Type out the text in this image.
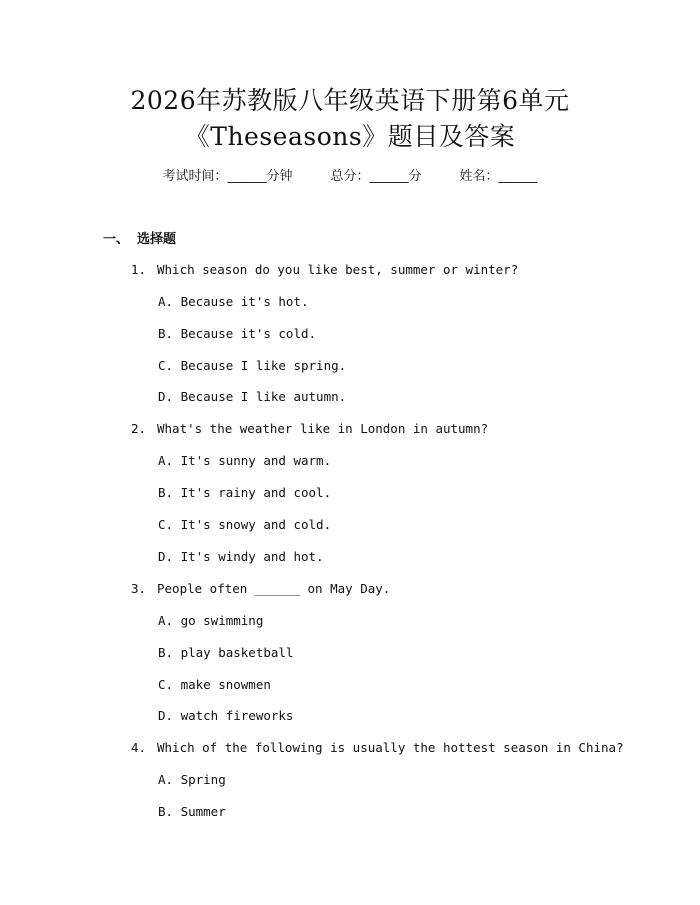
2026年苏教版八年级英语下册第6单元
《Theseasons》题目及答案
考试时间：______分钟	总分：______分	姓名：______
一、 选择题
1. Which season do you like best, summer or winter?
A. Because it's hot.
B. Because it's cold.
C. Because I like spring.
D. Because I like autumn.
2. What's the weather like in London in autumn?
A. It's sunny and warm.
B. It's rainy and cool.
C. It's snowy and cold.
D. It's windy and hot.
3. People often ______ on May Day.
A. go swimming
B. play basketball
C. make snowmen
D. watch fireworks
4. Which of the following is usually the hottest season in China?
A. Spring
B. Summer
